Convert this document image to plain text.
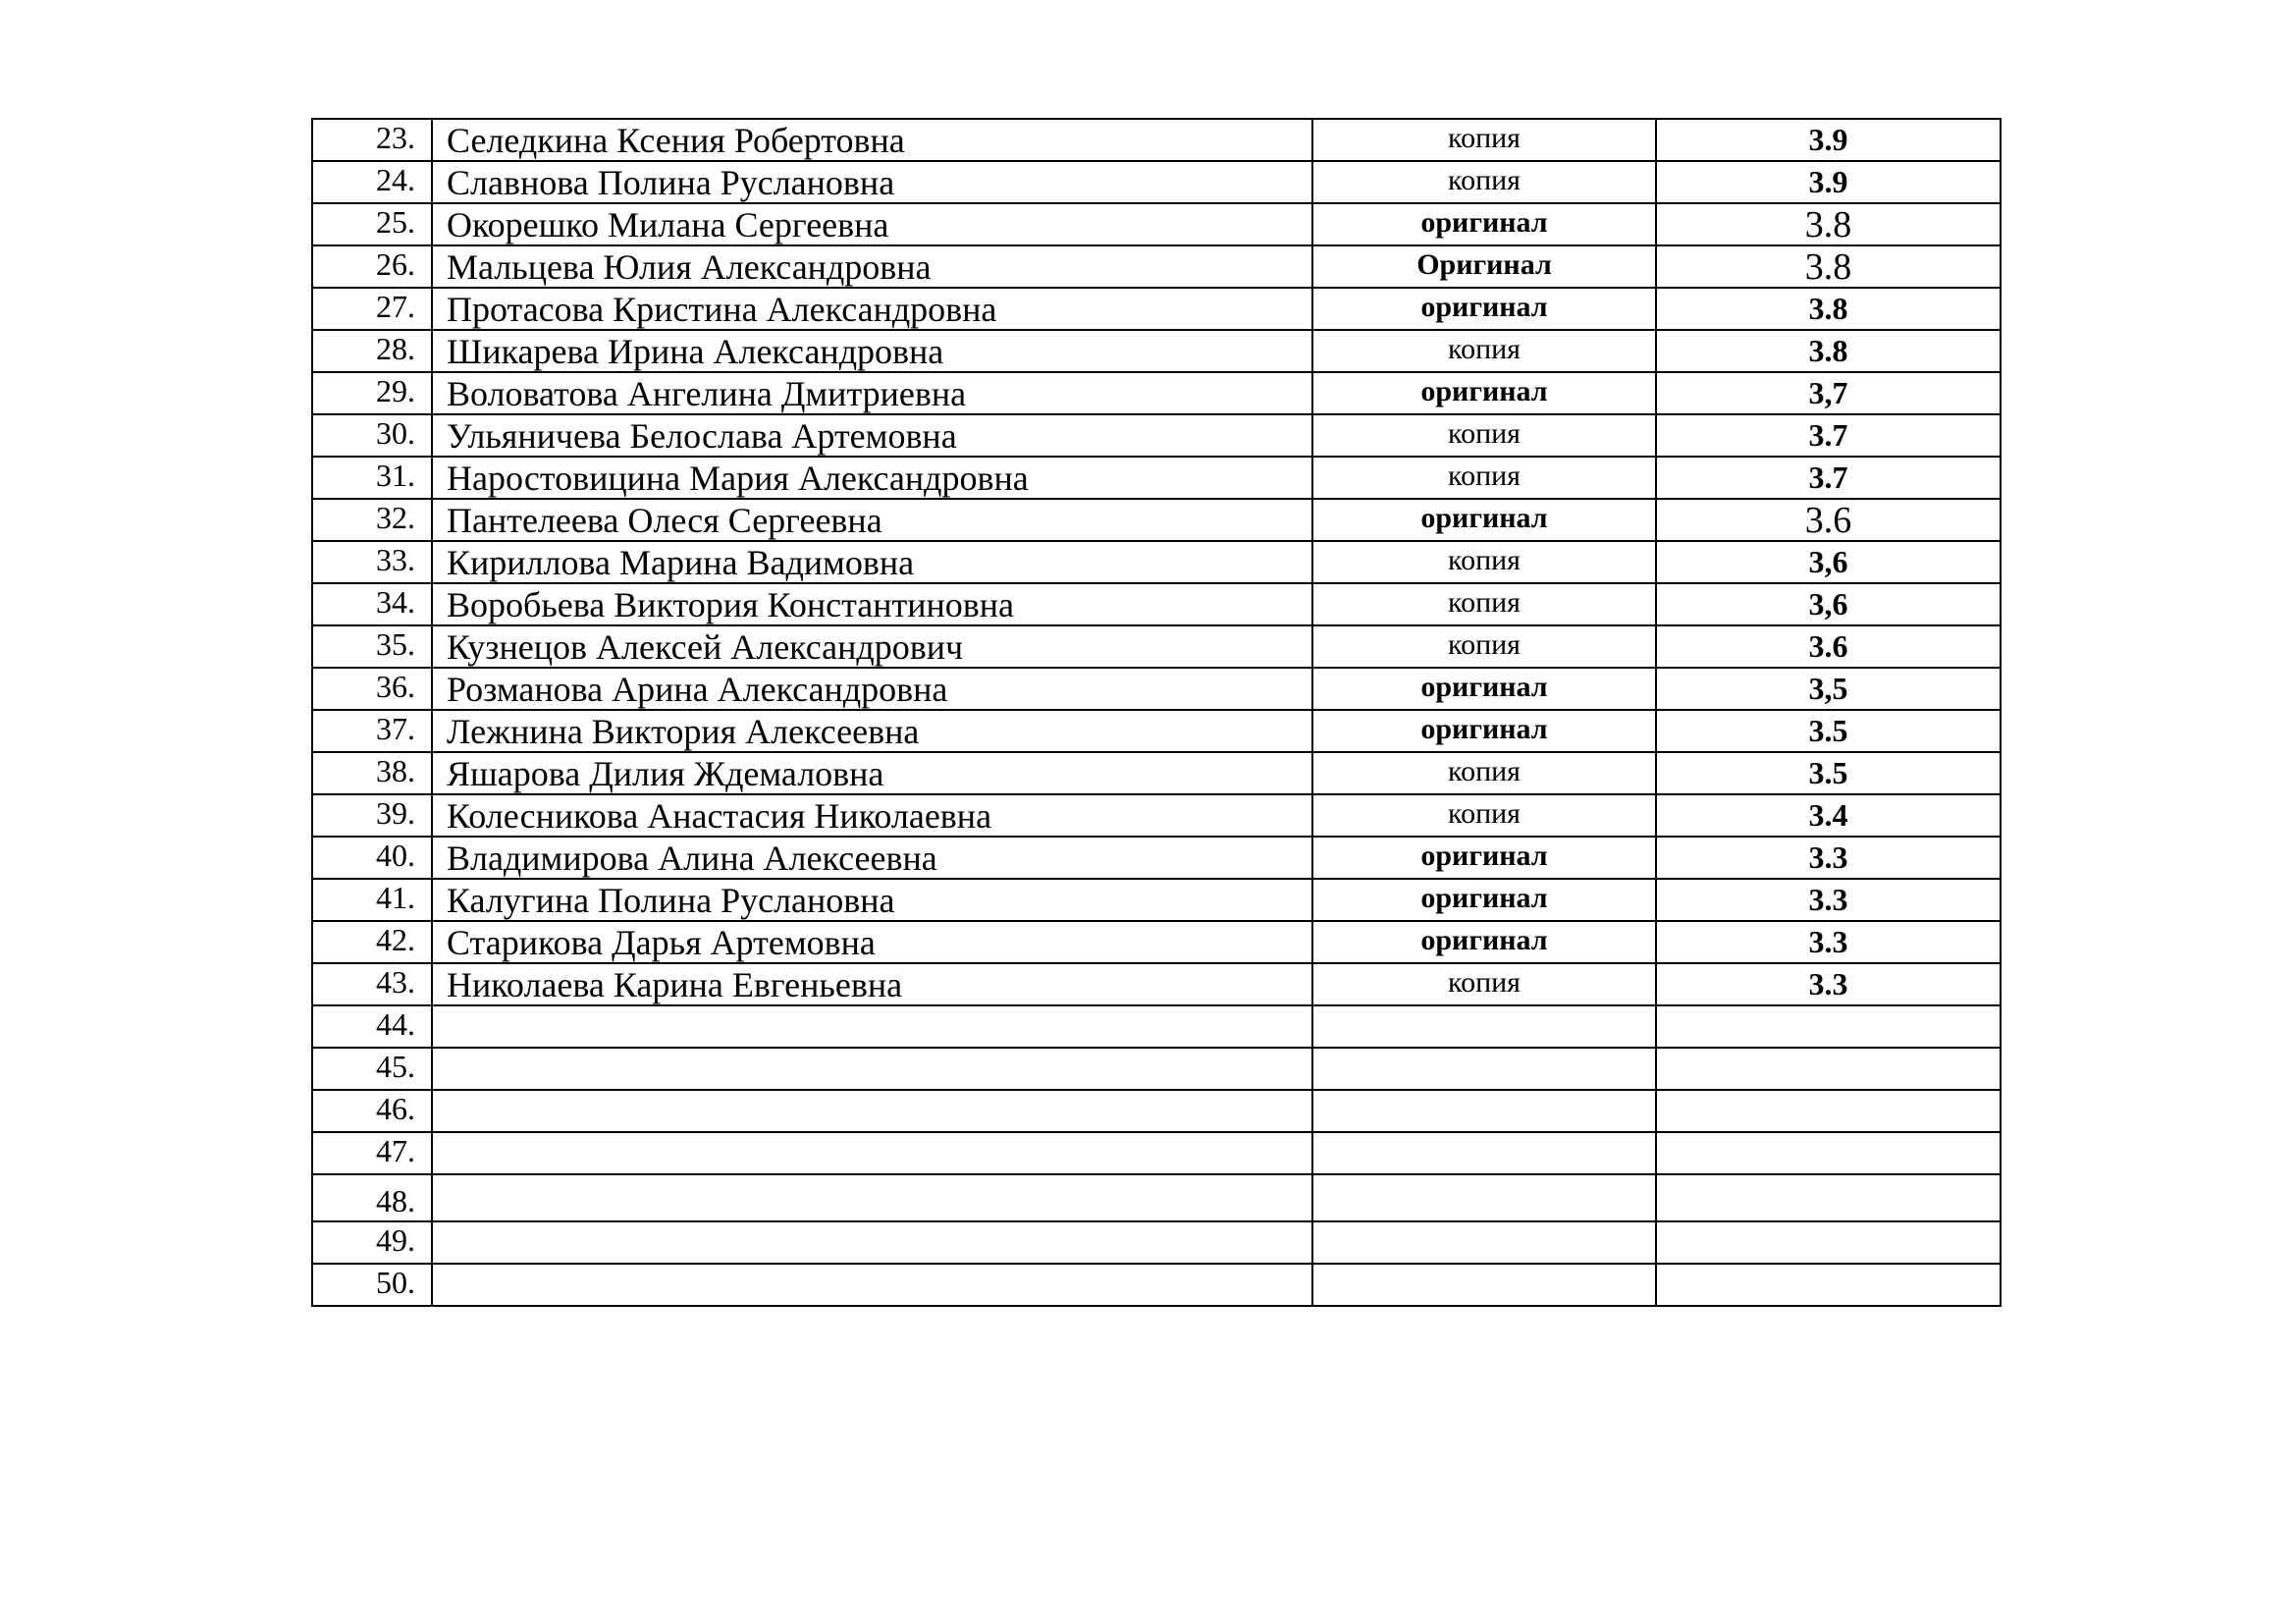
23.	Селедкина Ксения Робертовна	копия	3.9
24.	Славнова Полина Руслановна	копия	3.9
25.	Окорешко Милана Сергеевна	оригинал	3.8
26.	Мальцева Юлия Александровна	Оригинал	3.8
27.	Протасова Кристина Александровна	оригинал	3.8
28.	Шикарева Ирина Александровна	копия	3.8
29.	Воловатова Ангелина Дмитриевна	оригинал	3,7
30.	Ульяничева Белослава Артемовна	копия	3.7
31.	Наростовицина Мария Александровна	копия	3.7
32.	Пантелеева Олеся Сергеевна	оригинал	3.6
33.	Кириллова Марина Вадимовна	копия	3,6
34.	Воробьева Виктория Константиновна	копия	3,6
35.	Кузнецов Алексей Александрович	копия	3.6
36.	Розманова Арина Александровна	оригинал	3,5
37.	Лежнина Виктория Алексеевна	оригинал	3.5
38.	Яшарова Дилия Ждемаловна	копия	3.5
39.	Колесникова Анастасия Николаевна	копия	3.4
40.	Владимирова Алина Алексеевна	оригинал	3.3
41.	Калугина Полина Руслановна	оригинал	3.3
42.	Старикова Дарья Артемовна	оригинал	3.3
43.	Николаева Карина Евгеньевна	копия	3.3
44.			
45.			
46.			
47.			
48.			
49.			
50.			
